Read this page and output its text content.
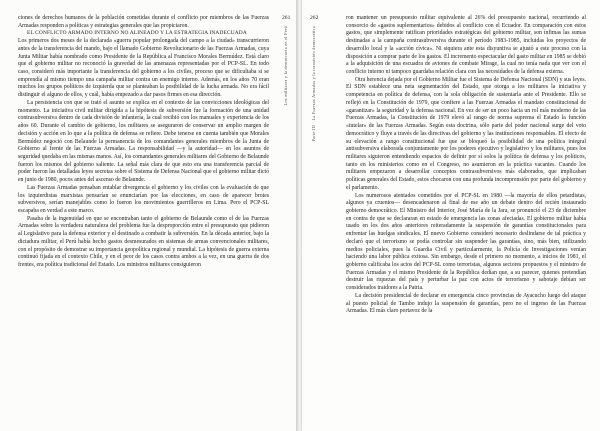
ciones de derechos humanos de la población cometidas durante el conflicto por miembros de las Fuerzas Armadas responden a políticas y estrategias generales que las propiciaron.

EL CONFLICTO ARMADO INTERNO NO ALINEADO Y LA ESTRATEGIA INADECUADA

Los primeros dos meses de la declarada «guerra popular prolongada del campo a la ciudad» transcurrieron antes de la transferencia del mando, bajo el llamado Gobierno Revolucionario de las Fuerzas Armadas, cuya Junta Militar había nombrado como Presidente de la República al Francisco Morales Bermúdez. Está claro que el gobierno militar no reconoció la gravedad de las amenazas representadas por el PCP-SL. En todo caso, consideró más importante la transferencia del gobierno a los civiles, proceso que se dificultaba si se emprendía al mismo tiempo una campaña militar contra un enemigo interno. Además, en los años 70 eran muchos los grupos políticos de izquierda que se planteaban la posibilidad de la lucha armada. No era fácil distinguir el alguno de ellos, y cuál, había empezado a dar pasos firmes en esa dirección.

La persistencia con que se trató el asunto se explica en el contexto de las convicciones ideológicas del momento. La iniciativa civil militar dirigida a la hipótesis de subversión fue la formación de una unidad contrasubversiva dentro de cada división de infantería, la cual recibió con los manuales y experiencia de los años 60. Durante el cambio de gobierno, los militares se aseguraron de conservar un amplio margen de decisión y acción en lo que a la política de defensa se refiere. Debe tenerse en cuenta también que Morales Bermúdez negoció con Belaunde la permanencia de los comandantes generales miembros de la Junta de Gobierno al frente de las Fuerzas Armadas. La responsabilidad —y la autoridad— en los asuntos de seguridad quedaba en las mismas manos. Así, los comandantes generales militares del Gobierno de Belaunde fueron los mismos del gobierno saliente. La señal más clara de que esto era una transferencia parcial de poder fueron las detalladas leyes secretas sobre el Sistema de Defensa Nacional que el gobierno militar dictó en junio de 1980, pocos antes del ascenso de Belaunde.

Las Fuerzas Armadas pensaban entablar divergencia el gobierno y los civiles con la evaluación de que los izquierdistas marxistas pensarían se enunciarían por las elecciones, en caso de aparecer brotes subversivos, serían manejables como lo fueron los movimientos guerrilleros en Lima. Pero el PCP-SL escapaba en verdad a este marco.

Pasaba de la ingenuidad en que se encontraban tanto el gobierno de Belaunde como el de las Fuerzas Armadas sobre la verdadera naturaleza del problema fue la desproporción entre el presupuesto que pidieron al Legislativo para la defensa exterior y el destinado a combatir la subversión. En la década anterior, bajo la dictadura militar, el Perú había hecho gastos desmesurados en sistemas de armas convencionales militares, con el propósito de demostrar su importancia geopolítica regional y mundial. La hipótesis de guerra externa continuó fijada en el contexto Chile, y en el peor de los casos contra ambos a la vez, en una guerra de dos frentes, era política tradicional del Estado. Los ministros militares consiguieron

261
Los militares y la democracia en el Perú
262
Parte III · La Fuerzas Armadas y la transición democrática

ron mantener un presupuesto militar equivalente al 26% del presupuesto nacional, recurriendo al consorcio de «gastos suplementarios» debidos al conflicto con el Ecuador. En comparación con estos gastos, que simplemente ratifican prioridades estratégicas del gobierno militar, son ínfimas las sumas destinadas a la campaña contrasubversiva durante el período 1983-1985, incluidas los proyectos de desarrollo local y la «acción cívica». Ni siquiera ante esta disyuntiva se ajustó a este proceso con la disposición a comprar parte de los gastos. El incremento espectacular del gasto militar en 1985 se debió a la adquisición de una escuadra de aviones de combate Mirage, la cual no tenía nada que ver con el conflicto interno ni tampoco guardaba relación clara con las necesidades de la defensa externa.

Otra herencia dejada por el Gobierno Militar fue el Sistema de Defensa Nacional (SDN) y sus leyes. El SDN establece una neta segmentación del Estado, que otorga a los militares la iniciativa y competencia en política de defensa, con la sola obligación de sustentarla ante el Presidente. Ello se reflejó en la Constitución de 1979, que confiere a las Fuerzas Armadas el mandato constitucional de «garantizar» la seguridad y la defensa nacional. En vez de ser un poco hacia un rol más moderno de las Fuerzas Armadas, la Constitución de 1979 elevó al rango de norma suprema el Estado la función «tutelar» de las Fuerzas Armadas. Según esta doctrina, sólo parte del poder nacional surge del voto democrático y fluye a través de las directivas del gobierno y las instituciones responsables. El efecto de su elevación a rango constitucional fue que se bloqueó la posibilidad de una política integral antisubversiva elaborada conjuntamente por los poderes ejecutivo y legislativo y los militares, pues los militares siguieron entendiendo espacios de definir por sí solos la política de defensa y los políticos, tanto en los ministerios como en el Congreso, no asumieron en la práctica vacantes. Cuando los militares empezaron a desarrollar conceptos contrasubversivos más elaborados, que implicaban políticas generales del Estado, estos chocaron con una profunda incomprensión por parte del gobierno y el parlamento.

Los numerosos atentados cometidos por el PCP-SL en 1980 —la mayoría de ellos petardistas, algunos ya cruentos— desencadenaron al final de ese año un debate dentro del recién instaurado gobierno democrático. El Ministro del Interior, José María de la Jara, se pronunció el 23 de diciembre en contra de que se declararan en estado de emergencia las zonas afectadas. El gobierno militar había usado en los dos años anteriores reiteradamente la suspensión de garantías constitucionales para enfrentar las huelgas sindicales. El nuevo Gobierno consideró necesario deslindarse de tal práctica y declaró que el terrorismo se podía controlar sin suspender las garantías, sino, más bien, utilizando medios policiales, pues la Guardia Civil y particularmente, la Policía de Investigaciones venían haciendo una labor pública exitosa. Sin embargo, desde el primero no momento, a inicios de 1981, el gobierno calificaba los actos del PCP-SL como terroristas, algunos sectores propuestos y el ministro de Fuerzas Armadas y el mismo Presidente de la República dedían que, a su parecer, quienes pretendían destruir las riquezas del país y perturbar la paz con actos de terrorismo y sabotaje debían ser considerados traidores a la Patria.

La decisión presidencial de declarar en emergencia cinco provincias de Ayacucho luego del ataque al puesto policial de Tambo indujo la suspensión de garantías, pero no el ingreso de las Fuerzas Armadas. El más claro portavoz de la
